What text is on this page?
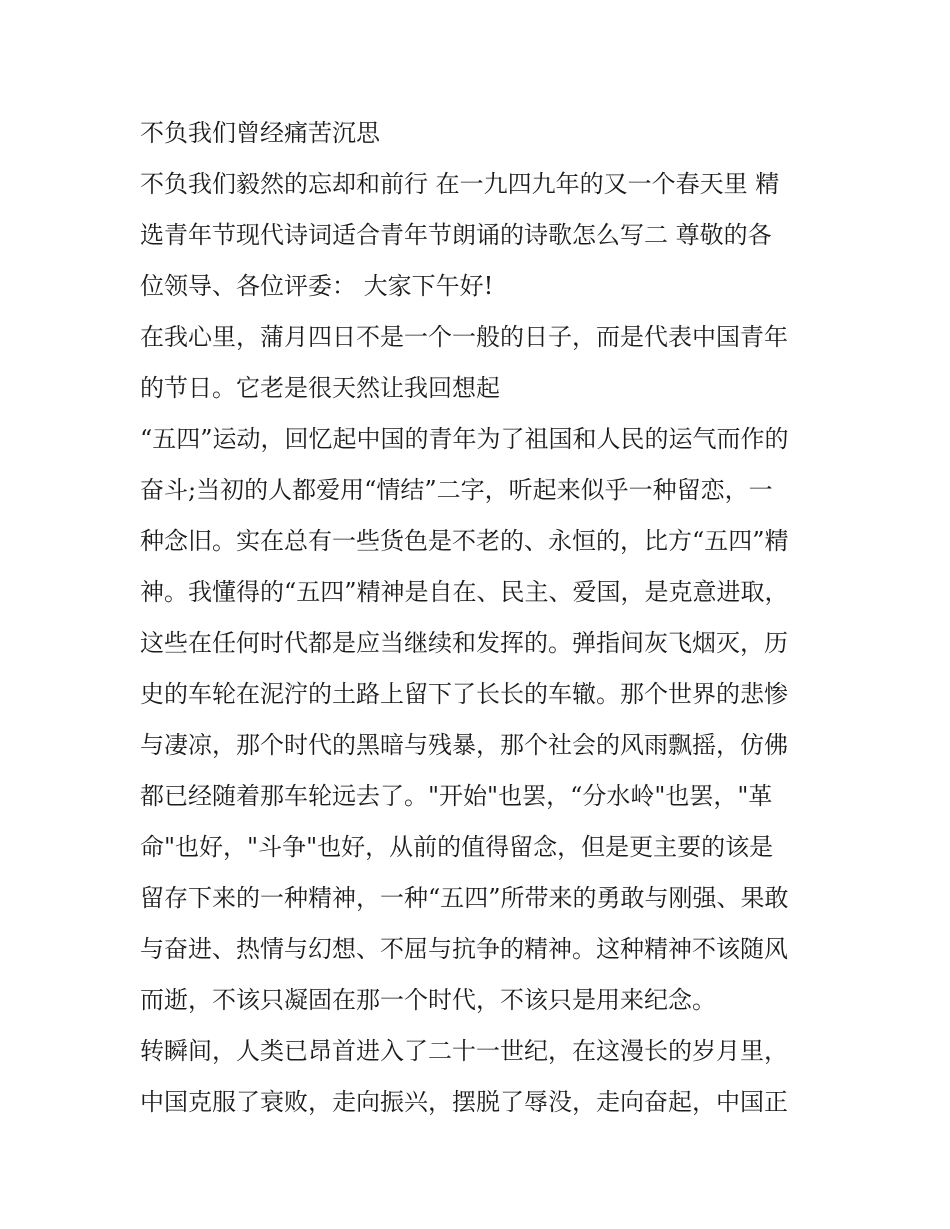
不负我们曾经痛苦沉思
不负我们毅然的忘却和前行 在一九四九年的又一个春天里 精
选青年节现代诗词适合青年节朗诵的诗歌怎么写二 尊敬的各
位领导、各位评委： 大家下午好!
在我心里，蒲月四日不是一个一般的日子，而是代表中国青年
的节日。它老是很天然让我回想起
“五四”运动，回忆起中国的青年为了祖国和人民的运气而作的
奋斗;当初的人都爱用“情结”二字，听起来似乎一种留恋，一
种念旧。实在总有一些货色是不老的、永恒的，比方“五四”精
神。我懂得的“五四”精神是自在、民主、爱国，是克意进取，
这些在任何时代都是应当继续和发挥的。弹指间灰飞烟灭，历
史的车轮在泥泞的土路上留下了长长的车辙。那个世界的悲惨
与凄凉，那个时代的黑暗与残暴，那个社会的风雨飘摇，仿佛
都已经随着那车轮远去了。"开始"也罢，“分水岭"也罢，"革
命"也好，"斗争"也好，从前的值得留念，但是更主要的该是
留存下来的一种精神，一种“五四”所带来的勇敢与刚强、果敢
与奋进、热情与幻想、不屈与抗争的精神。这种精神不该随风
而逝，不该只凝固在那一个时代，不该只是用来纪念。
转瞬间，人类已昂首进入了二十一世纪，在这漫长的岁月里，
中国克服了衰败，走向振兴，摆脱了辱没，走向奋起，中国正
